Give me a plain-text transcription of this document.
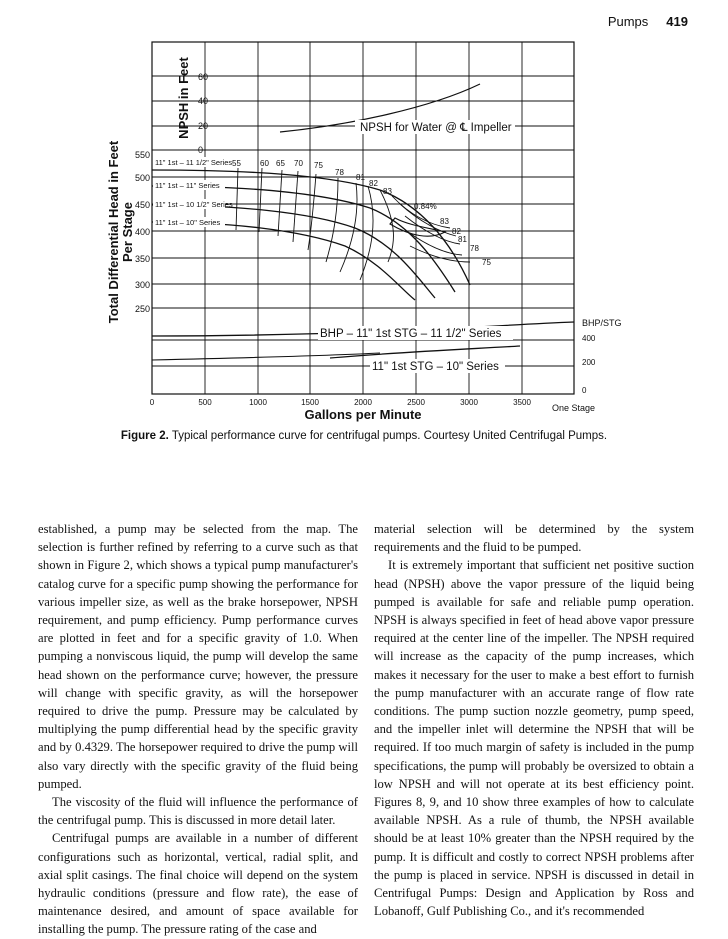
Pumps 419
NPSH in Feet 60
40
20
0
NPSH for Water @ ℄ Impeller
Total Differential Head in Feet Per Stage
550
500
450
400
350
300
250
11" 1st – 11 1/2" Series
11" 1st – 11" Series
11" 1st – 10 1/2" Series
11" 1st – 10" Series
55 60 65 70 75
78
81
82
83
0.84%
83
82
81
78
75
BHP – 11" 1st STG – 11 1/2" Series
11" 1st STG – 10" Series
BHP/STG
400
200
0
One Stage
0	500	1000	1500	2000	2500	3000	3500
Gallons per Minute
Figure 2. Typical performance curve for centrifugal pumps. Courtesy United Centrifugal Pumps.

established, a pump may be selected from the map. The selection is further refined by referring to a curve such as that shown in Figure 2, which shows a typical pump manufacturer's catalog curve for a specific pump showing the performance for various impeller size, as well as the brake horsepower, NPSH requirement, and pump efficiency. Pump performance curves are plotted in feet and for a specific gravity of 1.0. When pumping a nonviscous liquid, the pump will develop the same head shown on the performance curve; however, the pressure will change with specific gravity, as will the horsepower required to drive the pump. Pressure may be calculated by multiplying the pump differential head by the specific gravity and by 0.4329. The horsepower required to drive the pump will also vary directly with the specific gravity of the fluid being pumped.

The viscosity of the fluid will influence the performance of the centrifugal pump. This is discussed in more detail later.

Centrifugal pumps are available in a number of different configurations such as horizontal, vertical, radial split, and axial split casings. The final choice will depend on the system hydraulic conditions (pressure and flow rate), the ease of maintenance desired, and amount of space available for installing the pump. The pressure rating of the case and

material selection will be determined by the system requirements and the fluid to be pumped.

It is extremely important that sufficient net positive suction head (NPSH) above the vapor pressure of the liquid being pumped is available for safe and reliable pump operation. NPSH is always specified in feet of head above vapor pressure required at the center line of the impeller. The NPSH required will increase as the capacity of the pump increases, which makes it necessary for the user to make a best effort to furnish the pump manufacturer with an accurate range of flow rate conditions. The pump suction nozzle geometry, pump speed, and the impeller inlet will determine the NPSH that will be required. If too much margin of safety is included in the pump specifications, the pump will probably be oversized to obtain a low NPSH and will not operate at its best efficiency point. Figures 8, 9, and 10 show three examples of how to calculate available NPSH. As a rule of thumb, the NPSH available should be at least 10% greater than the NPSH required by the pump. It is difficult and costly to correct NPSH problems after the pump is placed in service. NPSH is discussed in detail in Centrifugal Pumps: Design and Application by Ross and Lobanoff, Gulf Publishing Co., and it's recommended
